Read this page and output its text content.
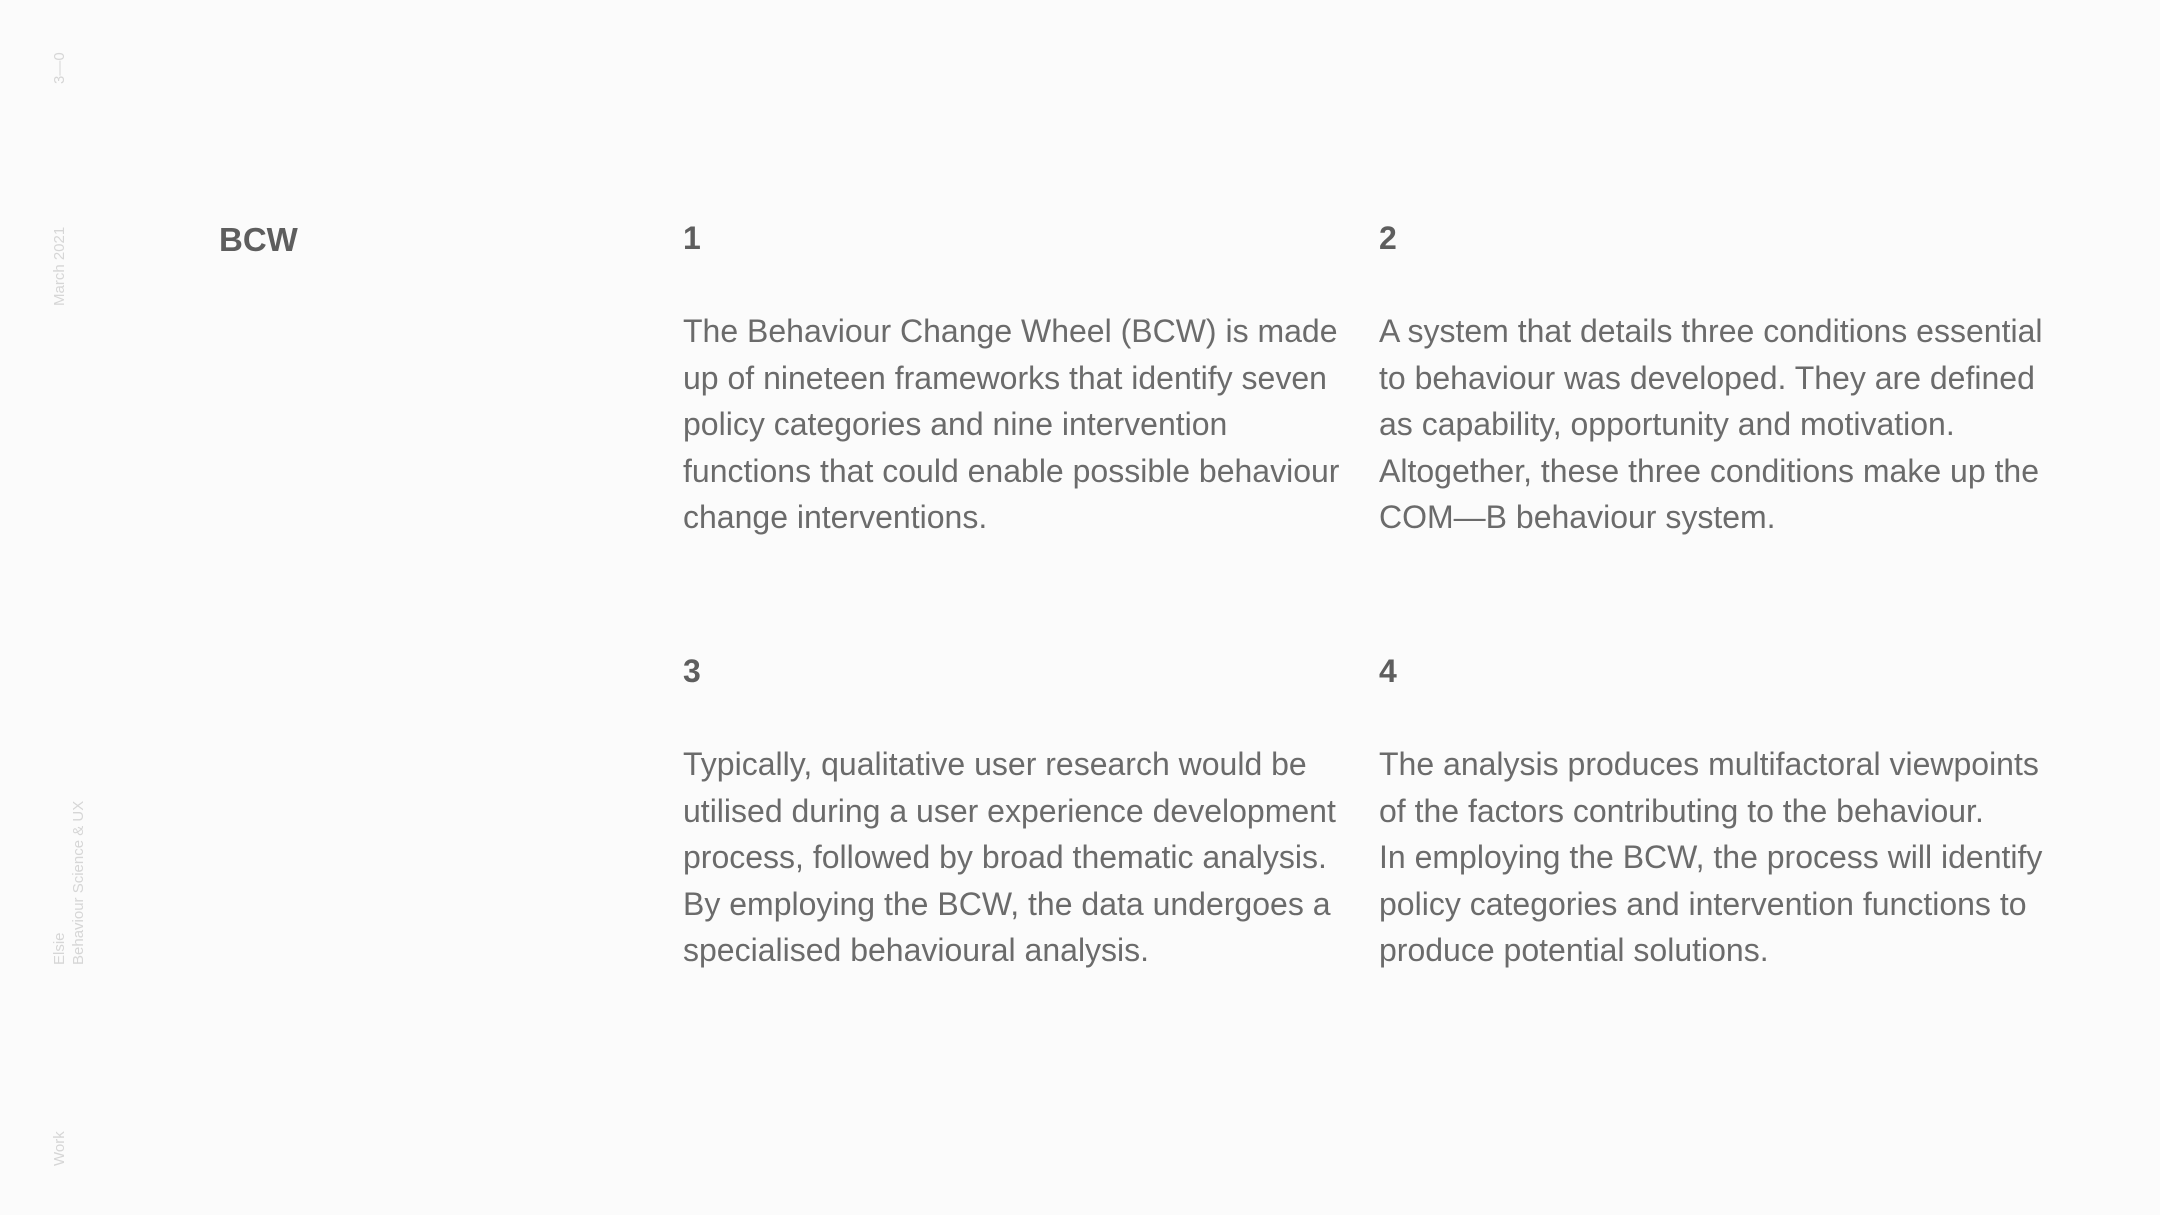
3—0
March 2021
Elsie
Behaviour Science & UX
Work
BCW	1

The Behaviour Change Wheel (BCW) is made
up of nineteen frameworks that identify seven
policy categories and nine intervention
functions that could enable possible behaviour
change interventions.

2

A system that details three conditions essential
to behaviour was developed. They are defined
as capability, opportunity and motivation.
Altogether, these three conditions make up the
COM—B behaviour system.

3

Typically, qualitative user research would be
utilised during a user experience development
process, followed by broad thematic analysis.
By employing the BCW, the data undergoes a
specialised behavioural analysis.

4

The analysis produces multifactoral viewpoints
of the factors contributing to the behaviour.
In employing the BCW, the process will identify
policy categories and intervention functions to
produce potential solutions.
